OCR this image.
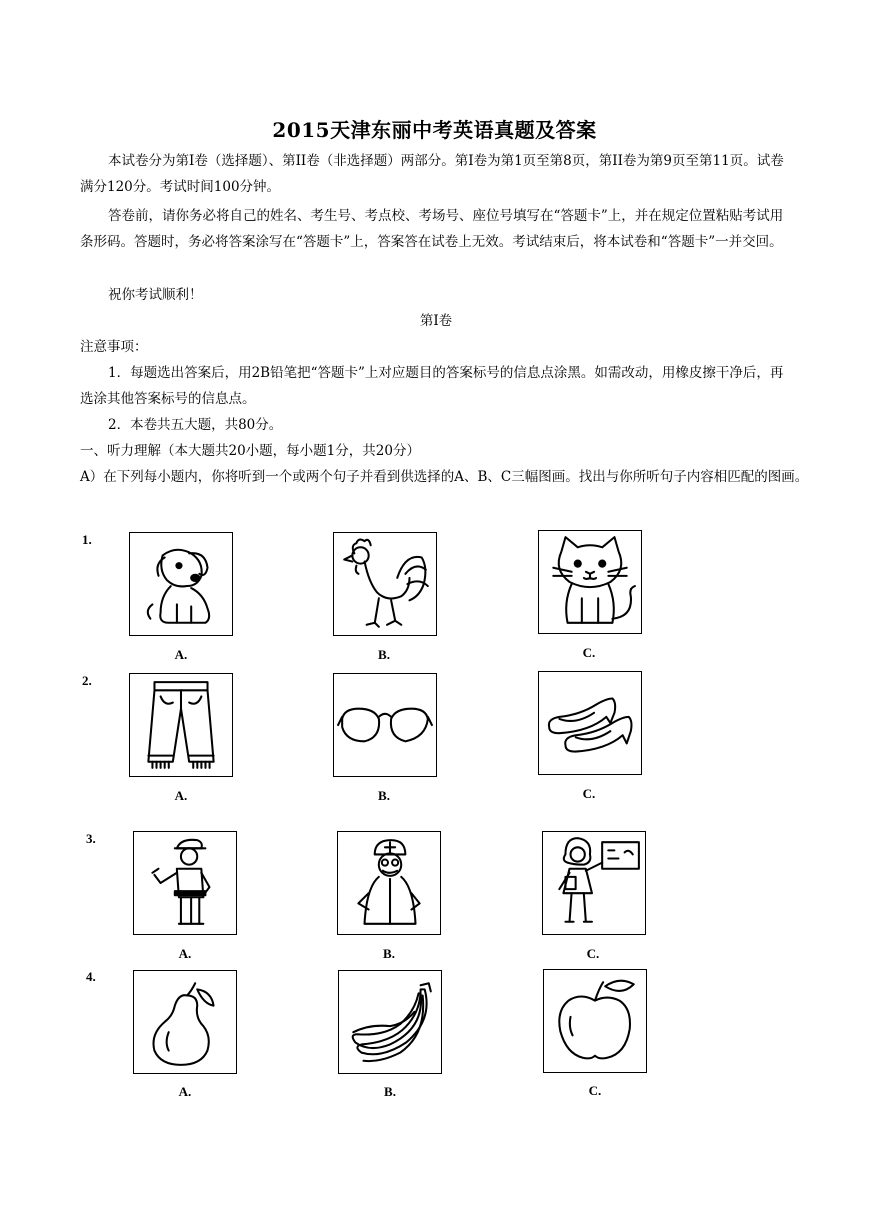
2015天津东丽中考英语真题及答案

本试卷分为第Ⅰ卷（选择题）、第II卷（非选择题）两部分。第Ⅰ卷为第1页至第8页，第II卷为第9页至第11页。试卷满分120分。考试时间100分钟。

答卷前，请你务必将自己的姓名、考生号、考点校、考场号、座位号填写在“答题卡”上，并在规定位置粘贴考试用条形码。答题时，务必将答案涂写在“答题卡”上，答案答在试卷上无效。考试结束后，将本试卷和“答题卡”一并交回。

祝你考试顺利！

第Ⅰ卷

注意事项：

1．每题选出答案后，用2B铅笔把“答题卡”上对应题目的答案标号的信息点涂黑。如需改动，用橡皮擦干净后，再选涂其他答案标号的信息点。

2．本卷共五大题，共80分。

一、听力理解（本大题共20小题，每小题1分，共20分）

A）在下列每小题内，你将听到一个或两个句子并看到供选择的A、B、C三幅图画。找出与你所听句子内容相匹配的图画。

1.
A.	B.	C.
2.
A.	B.	C.
3.
A.	B.	C.
4.
A.	B.	C.
